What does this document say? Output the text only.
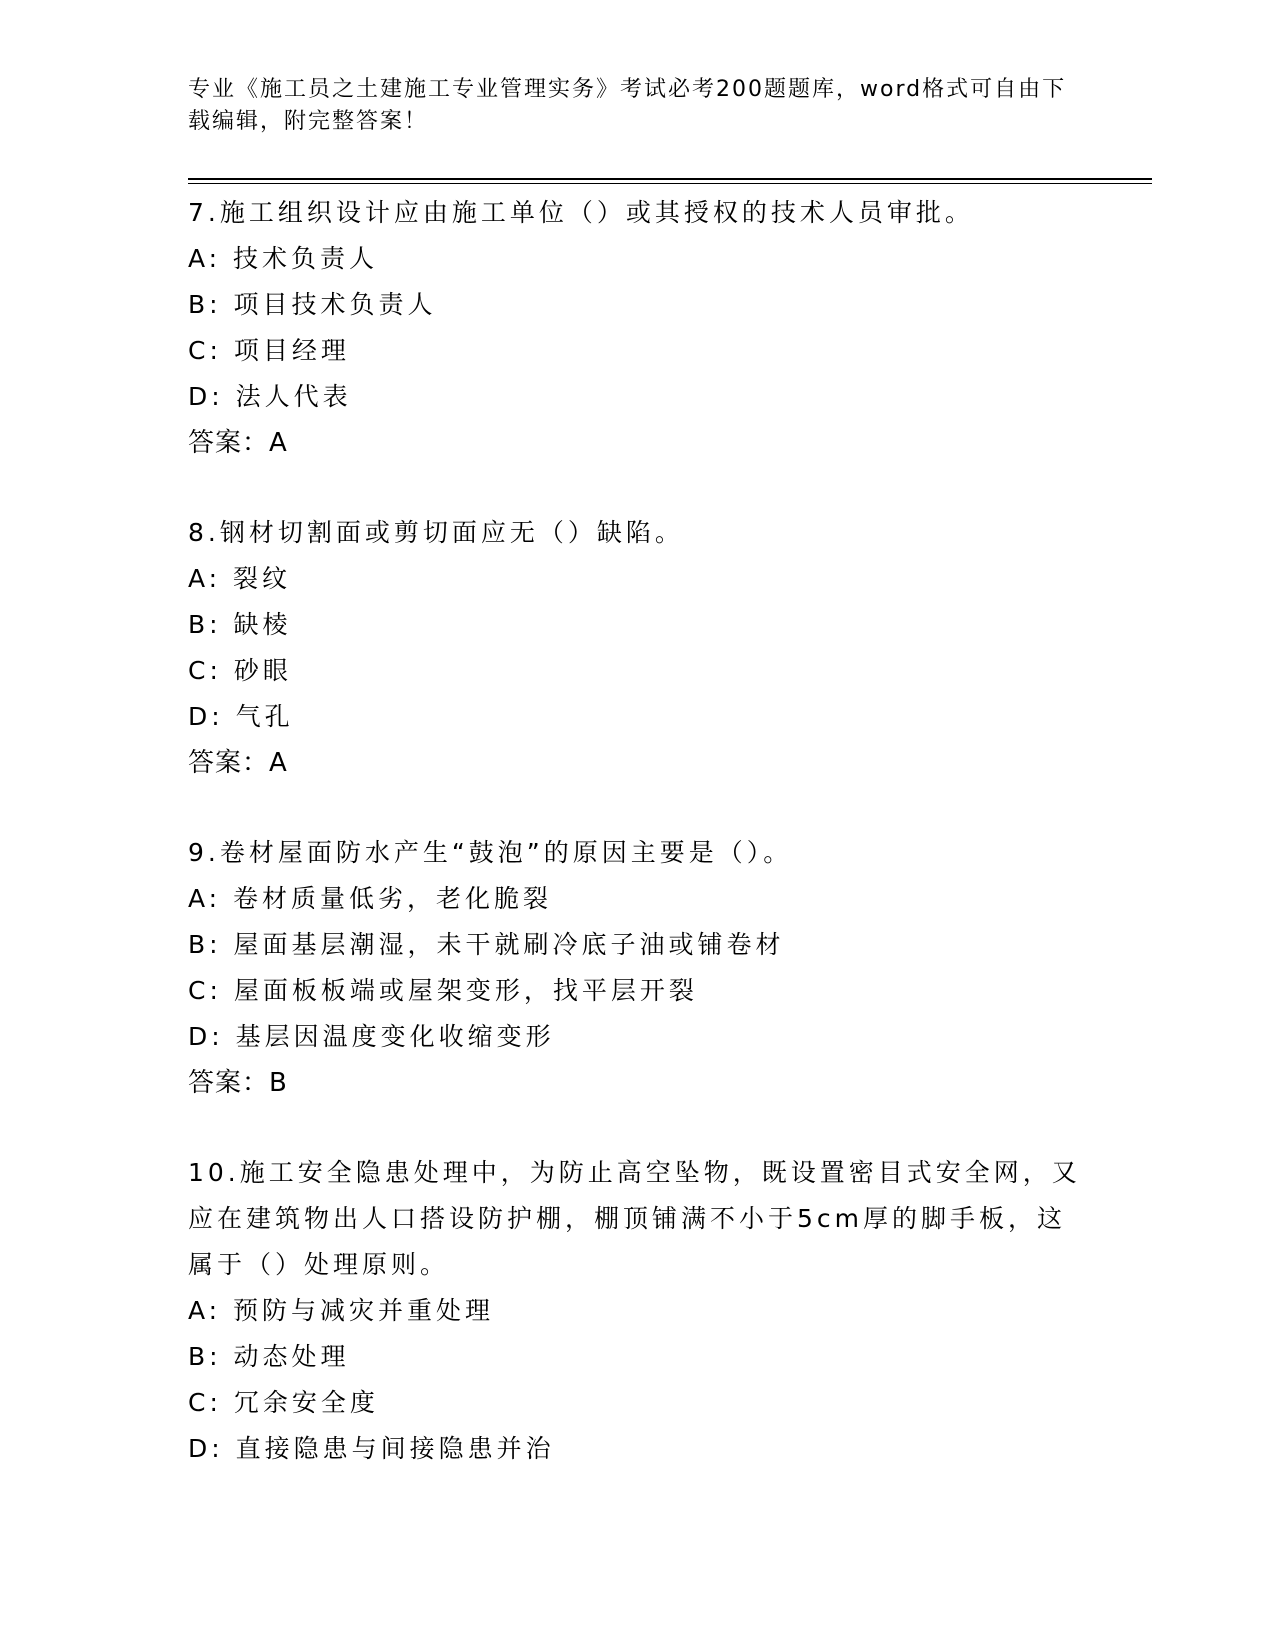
专业《施工员之土建施工专业管理实务》考试必考200题题库，word格式可自由下载编辑，附完整答案！

7.施工组织设计应由施工单位（）或其授权的技术人员审批。

A: 技术负责人

B: 项目技术负责人

C: 项目经理

D: 法人代表

答案：A

8.钢材切割面或剪切面应无（）缺陷。

A: 裂纹

B: 缺棱

C: 砂眼

D: 气孔

答案：A

9.卷材屋面防水产生“鼓泡”的原因主要是（）。

A: 卷材质量低劣，老化脆裂

B: 屋面基层潮湿，未干就刷冷底子油或铺卷材

C: 屋面板板端或屋架变形，找平层开裂

D: 基层因温度变化收缩变形

答案：B

10.施工安全隐患处理中，为防止高空坠物，既设置密目式安全网，又应在建筑物出人口搭设防护棚，棚顶铺满不小于5cm厚的脚手板，这属于（）处理原则。

A: 预防与减灾并重处理

B: 动态处理

C: 冗余安全度

D: 直接隐患与间接隐患并治
